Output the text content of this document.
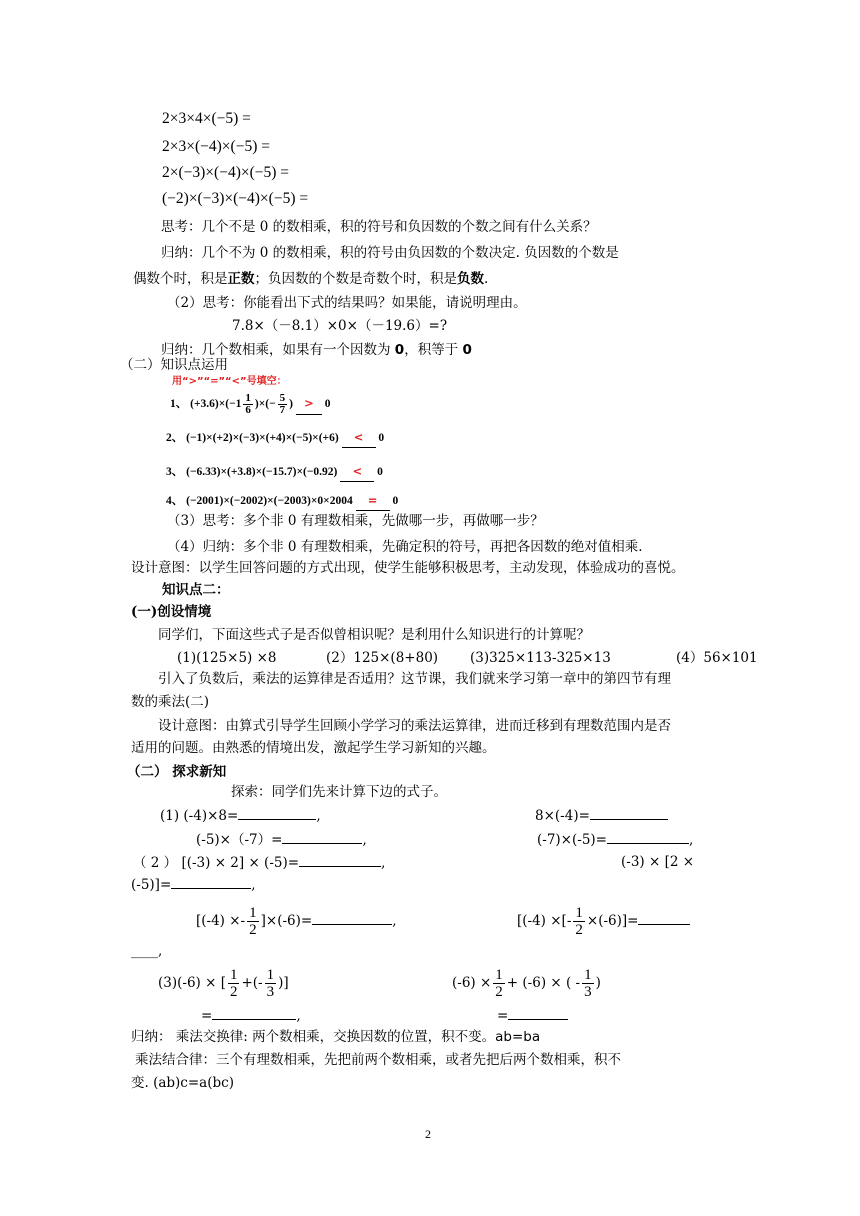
2×3×4×(−5) =
2×3×(−4)×(−5) =
2×(−3)×(−4)×(−5) =
(−2)×(−3)×(−4)×(−5) =
思考：几个不是 0 的数相乘，积的符号和负因数的个数之间有什么关系？
归纳：几个不为 0 的数相乘，积的符号由负因数的个数决定. 负因数的个数是
偶数个时，积是正数；负因数的个数是奇数个时，积是负数.
（2）思考：你能看出下式的结果吗？如果能，请说明理由。
7.8×（－8.1）×0×（－19.6）=?
归纳：几个数相乘，如果有一个因数为 0，积等于 0
（二）知识点运用
用“>”“=”“<”号填空：
1、 $(+3.6)\times(-1 \frac{1}{6}$ )×(− $\frac{5}{7}$ ) > 0
2、 (−1)×(+2)×(−3)×(+4)×(−5)×(+6) < 0
3、 (−6.33)×(+3.8)×(−15.7)×(−0.92) < 0
4、 (−2001)×(−2002)×(−2003)×0×2004 = 0
（3）思考：多个非 0 有理数相乘，先做哪一步，再做哪一步？
（4）归纳：多个非 0 有理数相乘，先确定积的符号，再把各因数的绝对值相乘.
设计意图：以学生回答问题的方式出现，使学生能够积极思考，主动发现，体验成功的喜悦。
知识点二：
(一)创设情境
同学们，下面这些式子是否似曾相识呢？是利用什么知识进行的计算呢？
(1)(125×5) ×8	(2）125×(8+80) (3)325×113-325×13	(4）56×101
引入了负数后，乘法的运算律是否适用？这节课，我们就来学习第一章中的第四节有理
数的乘法(二)
设计意图：由算式引导学生回顾小学学习的乘法运算律，进而迁移到有理数范围内是否
适用的问题。由熟悉的情境出发，激起学生学习新知的兴趣。
（二） 探求新知
探索：同学们先来计算下边的式子。
(1) (-4)×8=	,	8×(-4)=
(-5)×（-7）=	,	(-7)×(-5)=	,
（ 2 ） [(-3) × 2] × (-5)=	,	(-3) × [2 ×
(-5)]=	,
$[(-4) \times- \frac{1}{2} ]\times(-6)=$	,	[(-4) ×[- $\frac{1}{2} \times(-6)]=$
____,
(3)(-6) × [ $\frac{1}{2}$ +(- $\frac{1}{3}$ )]	$(-6) \times \frac{1}{2} + (-6)$ × ( - $\frac{1}{3}$ )
=	,	=
归纳： 乘法交换律: 两个数相乘，交换因数的位置，积不变。ab=ba
乘法结合律：三个有理数相乘，先把前两个数相乘，或者先把后两个数相乘，积不
变. (ab)c=a(bc)
2
